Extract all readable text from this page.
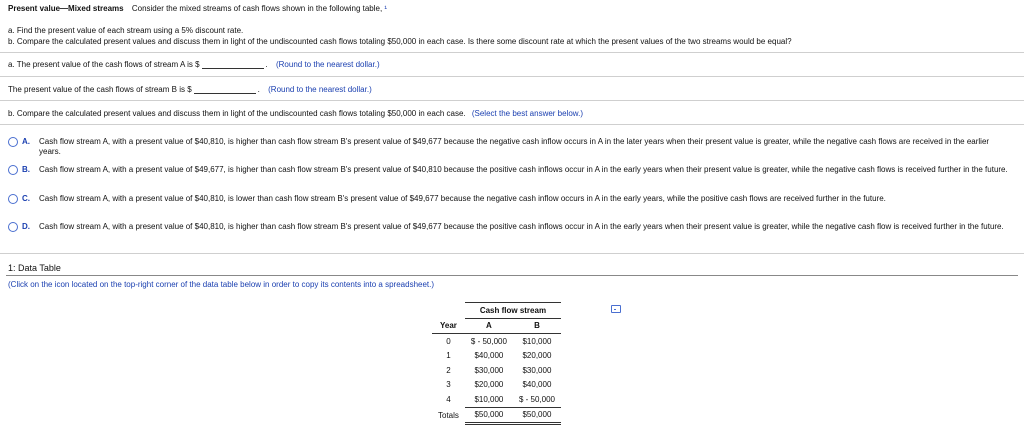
Present value—Mixed streams Consider the mixed streams of cash flows shown in the following table, ¹
a. Find the present value of each stream using a 5% discount rate.
b. Compare the calculated present values and discuss them in light of the undiscounted cash flows totaling $50,000 in each case. Is there some discount rate at which the present values of the two streams would be equal?
a. The present value of the cash flows of stream A is $	. (Round to the nearest dollar.)
The present value of the cash flows of stream B is $	. (Round to the nearest dollar.)
b. Compare the calculated present values and discuss them in light of the undiscounted cash flows totaling $50,000 in each case. (Select the best answer below.)
A. Cash flow stream A, with a present value of $40,810, is higher than cash flow stream B's present value of $49,677 because the negative cash inflow occurs in A in the later years when their present value is greater, while the negative cash flows are received in the earlier years.
B. Cash flow stream A, with a present value of $49,677, is higher than cash flow stream B's present value of $40,810 because the positive cash inflows occur in A in the early years when their present value is greater, while the negative cash flows is received further in the future.
C. Cash flow stream A, with a present value of $40,810, is lower than cash flow stream B's present value of $49,677 because the negative cash inflow occurs in A in the early years, while the positive cash flows are received further in the future.
D. Cash flow stream A, with a present value of $40,810, is higher than cash flow stream B's present value of $49,677 because the positive cash inflows occur in A in the early years when their present value is greater, while the negative cash flow is received further in the future.
1: Data Table
(Click on the icon located on the top-right corner of the data table below in order to copy its contents into a spreadsheet.)
	Cash flow stream	
Year	A	B
0	$ - 50,000	$10,000
1	$40,000	$20,000
2	$30,000	$30,000
3	$20,000	$40,000
4	$10,000	$ - 50,000
Totals	$50,000	$50,000
